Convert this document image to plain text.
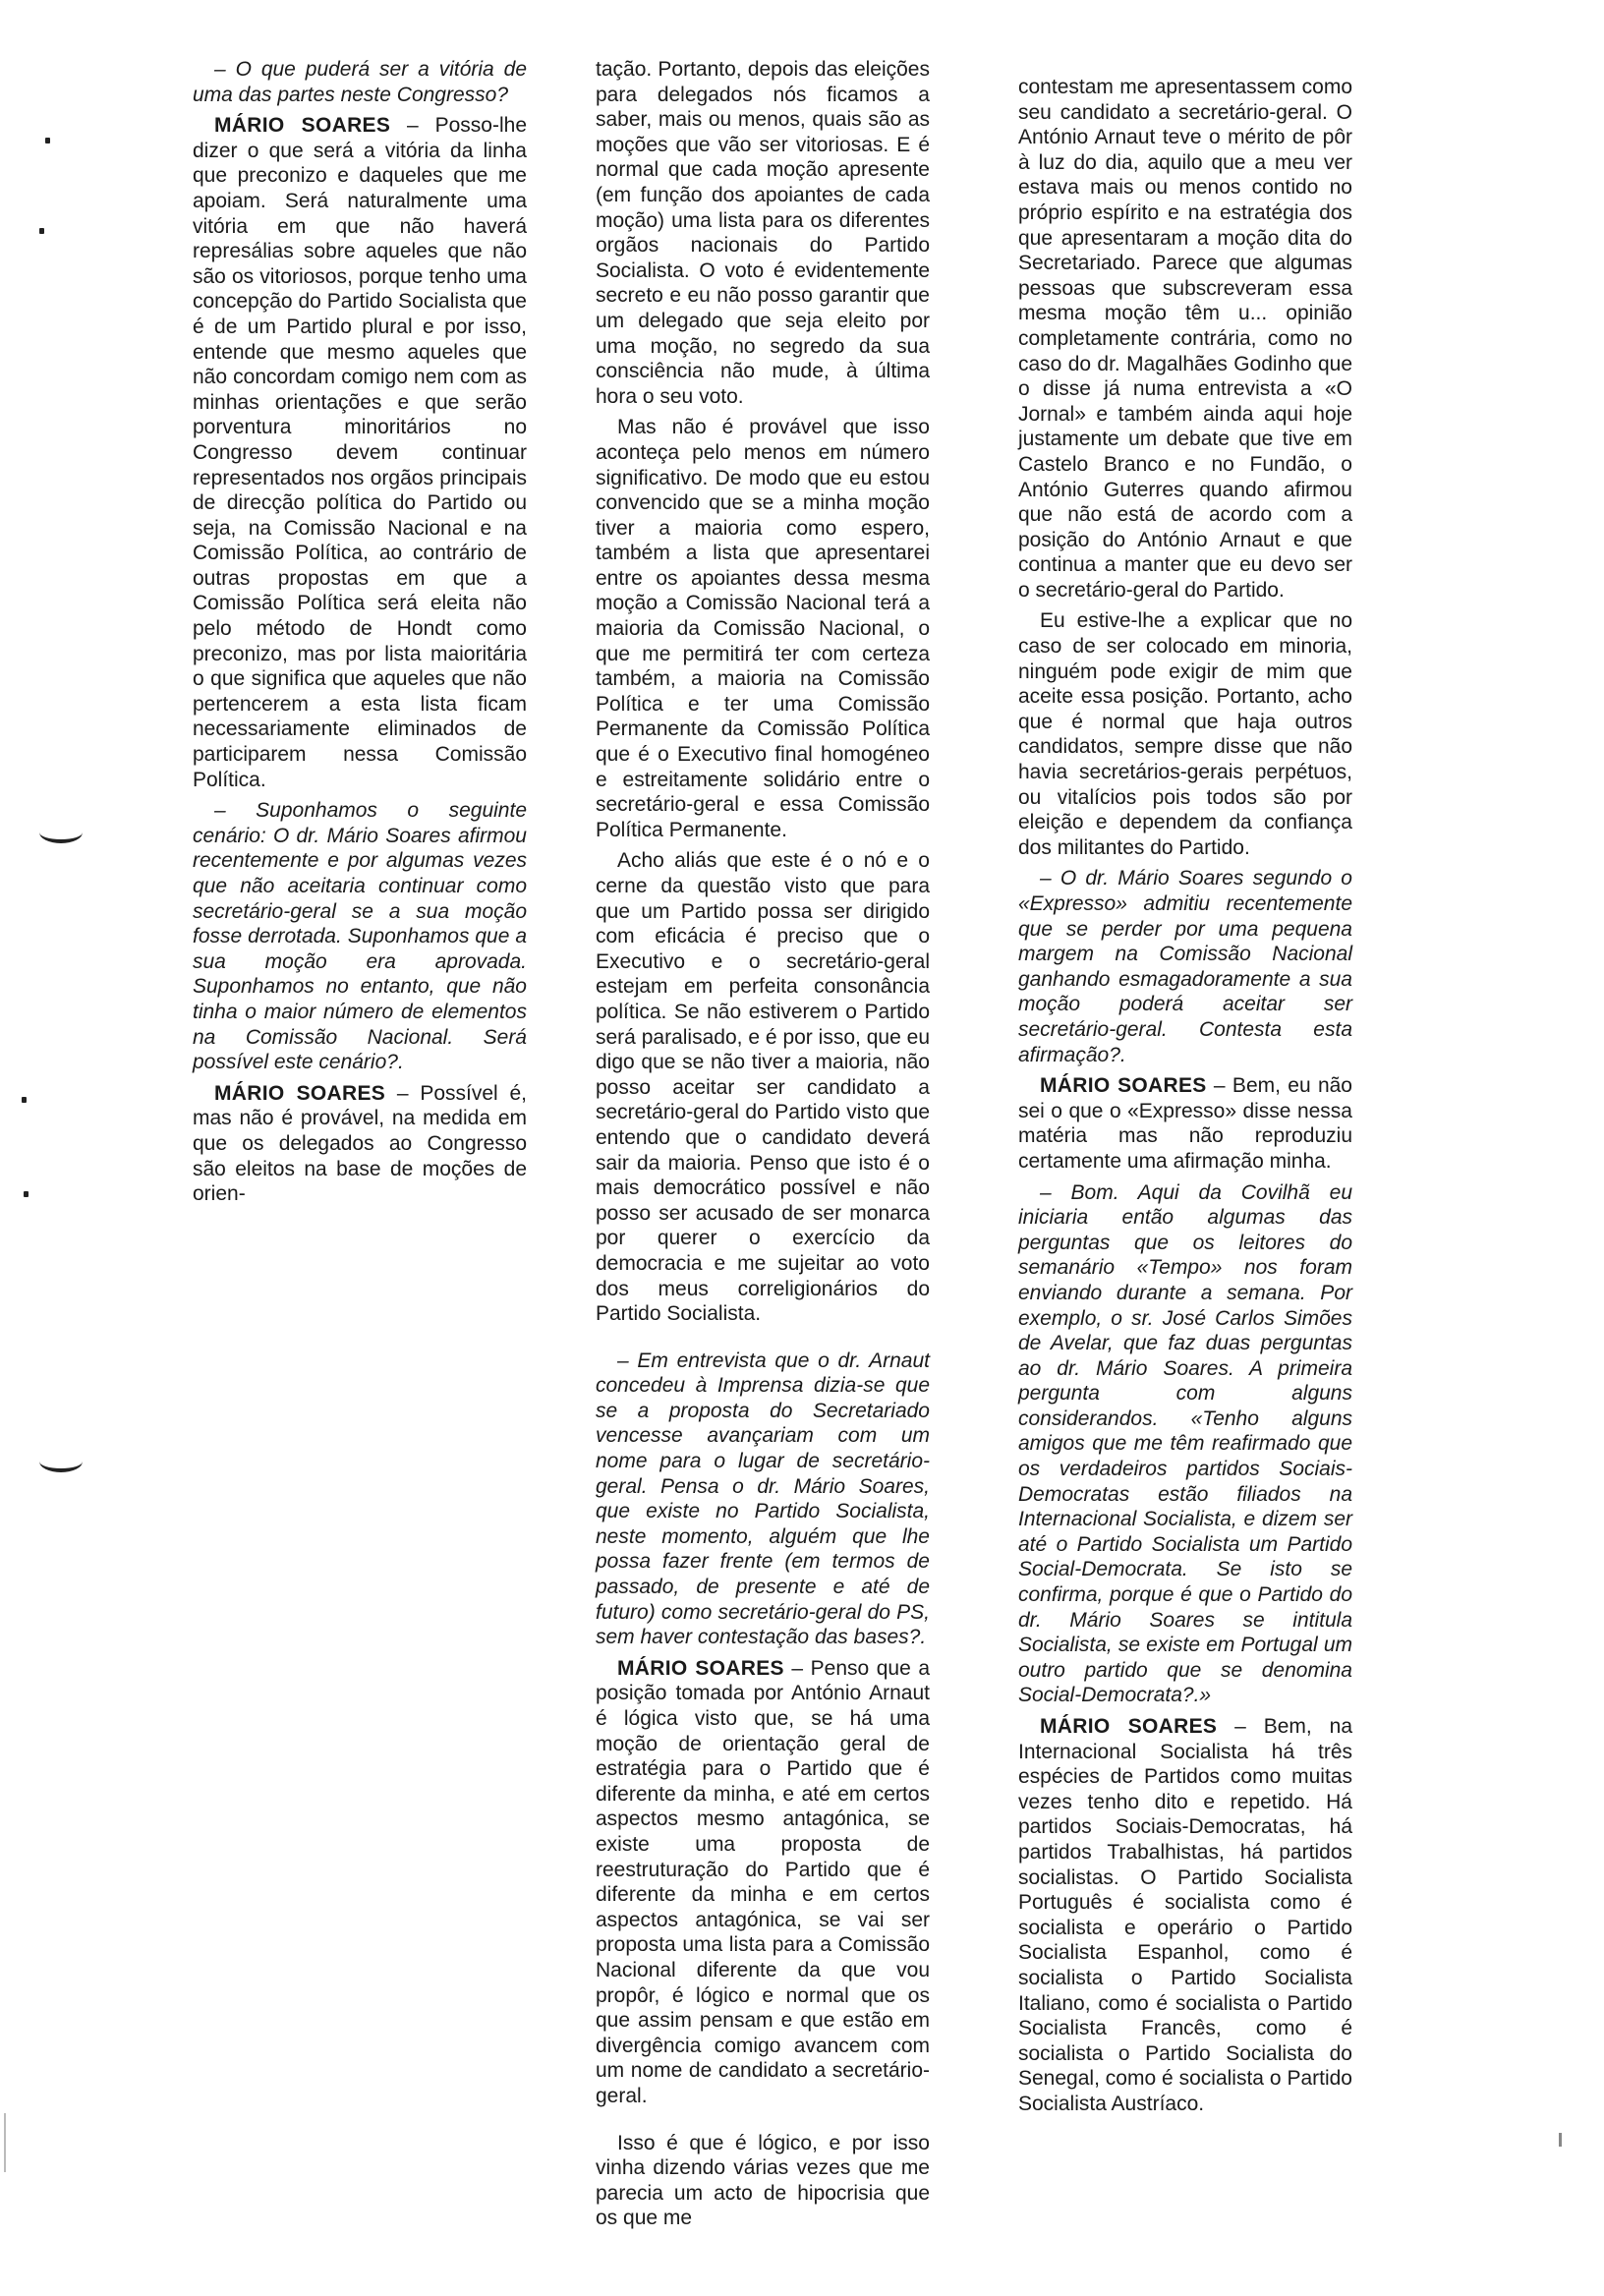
– O que puderá ser a vitória de uma das partes neste Congresso?

MÁRIO SOARES – Posso-lhe dizer o que será a vitória da linha que preconizo e daqueles que me apoiam. Será naturalmente uma vitória em que não haverá represálias sobre aqueles que não são os vitoriosos, porque tenho uma concepção do Partido Socialista que é de um Partido plural e por isso, entende que mesmo aqueles que não concordam comigo nem com as minhas orientações e que serão porventura minoritários no Congresso devem continuar representados nos orgãos principais de direcção política do Partido ou seja, na Comissão Nacional e na Comissão Política, ao contrário de outras propostas em que a Comissão Política será eleita não pelo método de Hondt como preconizo, mas por lista maioritária o que significa que aqueles que não pertencerem a esta lista ficam necessariamente eliminados de participarem nessa Comissão Política.

– Suponhamos o seguinte cenário: O dr. Mário Soares afirmou recentemente e por algumas vezes que não aceitaria continuar como secretário-geral se a sua moção fosse derrotada. Suponhamos que a sua moção era aprovada. Suponhamos no entanto, que não tinha o maior número de elementos na Comissão Nacional. Será possível este cenário?.

MÁRIO SOARES – Possível é, mas não é provável, na medida em que os delegados ao Congresso são eleitos na base de moções de orien-

tação. Portanto, depois das eleições para delegados nós ficamos a saber, mais ou menos, quais são as moções que vão ser vitoriosas. E é normal que cada moção apresente (em função dos apoiantes de cada moção) uma lista para os diferentes orgãos nacionais do Partido Socialista. O voto é evidentemente secreto e eu não posso garantir que um delegado que seja eleito por uma moção, no segredo da sua consciência não mude, à última hora o seu voto.

Mas não é provável que isso aconteça pelo menos em número significativo. De modo que eu estou convencido que se a minha moção tiver a maioria como espero, também a lista que apresentarei entre os apoiantes dessa mesma moção a Comissão Nacional terá a maioria da Comissão Nacional, o que me permitirá ter com certeza também, a maioria na Comissão Política e ter uma Comissão Permanente da Comissão Política que é o Executivo final homogéneo e estreitamente solidário entre o secretário-geral e essa Comissão Política Permanente.

Acho aliás que este é o nó e o cerne da questão visto que para que um Partido possa ser dirigido com eficácia é preciso que o Executivo e o secretário-geral estejam em perfeita consonância política. Se não estiverem o Partido será paralisado, e é por isso, que eu digo que se não tiver a maioria, não posso aceitar ser candidato a secretário-geral do Partido visto que entendo que o candidato deverá sair da maioria. Penso que isto é o mais democrático possível e não posso ser acusado de ser monarca por querer o exercício da democracia e me sujeitar ao voto dos meus correligionários do Partido Socialista.

– Em entrevista que o dr. Arnaut concedeu à Imprensa dizia-se que se a proposta do Secretariado vencesse avançariam com um nome para o lugar de secretário-geral. Pensa o dr. Mário Soares, que existe no Partido Socialista, neste momento, alguém que lhe possa fazer frente (em termos de passado, de presente e até de futuro) como secretário-geral do PS, sem haver contestação das bases?.

MÁRIO SOARES – Penso que a posição tomada por António Arnaut é lógica visto que, se há uma moção de orientação geral de estratégia para o Partido que é diferente da minha, e até em certos aspectos mesmo antagónica, se existe uma proposta de reestruturação do Partido que é diferente da minha e em certos aspectos antagónica, se vai ser proposta uma lista para a Comissão Nacional diferente da que vou propôr, é lógico e normal que os que assim pensam e que estão em divergência comigo avancem com um nome de candidato a secretário-geral.

Isso é que é lógico, e por isso vinha dizendo várias vezes que me parecia um acto de hipocrisia que os que me

contestam me apresentassem como seu candidato a secretário-geral. O António Arnaut teve o mérito de pôr à luz do dia, aquilo que a meu ver estava mais ou menos contido no próprio espírito e na estratégia dos que apresentaram a moção dita do Secretariado. Parece que algumas pessoas que subscreveram essa mesma moção têm u... opinião completamente contrária, como no caso do dr. Magalhães Godinho que o disse já numa entrevista a «O Jornal» e também ainda aqui hoje justamente um debate que tive em Castelo Branco e no Fundão, o António Guterres quando afirmou que não está de acordo com a posição do António Arnaut e que continua a manter que eu devo ser o secretário-geral do Partido.

Eu estive-lhe a explicar que no caso de ser colocado em minoria, ninguém pode exigir de mim que aceite essa posição. Portanto, acho que é normal que haja outros candidatos, sempre disse que não havia secretários-gerais perpétuos, ou vitalícios pois todos são por eleição e dependem da confiança dos militantes do Partido.

– O dr. Mário Soares segundo o «Expresso» admitiu recentemente que se perder por uma pequena margem na Comissão Nacional ganhando esmagadoramente a sua moção poderá aceitar ser secretário-geral. Contesta esta afirmação?.

MÁRIO SOARES – Bem, eu não sei o que o «Expresso» disse nessa matéria mas não reproduziu certamente uma afirmação minha.

– Bom. Aqui da Covilhã eu iniciaria então algumas das perguntas que os leitores do semanário «Tempo» nos foram enviando durante a semana. Por exemplo, o sr. José Carlos Simões de Avelar, que faz duas perguntas ao dr. Mário Soares. A primeira pergunta com alguns considerandos. «Tenho alguns amigos que me têm reafirmado que os verdadeiros partidos Sociais-Democratas estão filiados na Internacional Socialista, e dizem ser até o Partido Socialista um Partido Social-Democrata. Se isto se confirma, porque é que o Partido do dr. Mário Soares se intitula Socialista, se existe em Portugal um outro partido que se denomina Social-Democrata?.»

MÁRIO SOARES – Bem, na Internacional Socialista há três espécies de Partidos como muitas vezes tenho dito e repetido. Há partidos Sociais-Democratas, há partidos Trabalhistas, há partidos socialistas. O Partido Socialista Português é socialista como é socialista e operário o Partido Socialista Espanhol, como é socialista o Partido Socialista Italiano, como é socialista o Partido Socialista Francês, como é socialista o Partido Socialista do Senegal, como é socialista o Partido Socialista Austríaco.
